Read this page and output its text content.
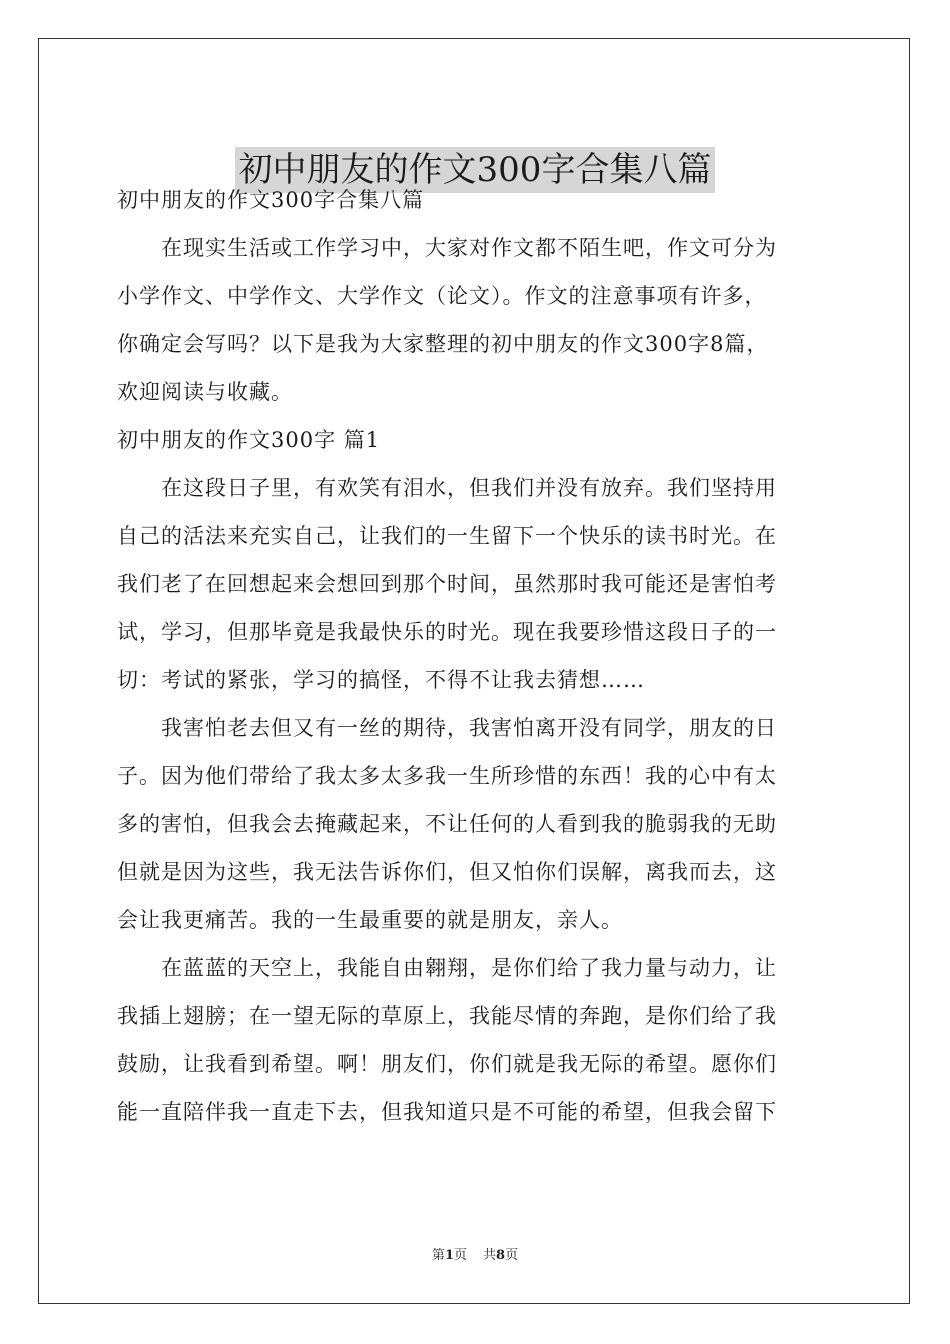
初中朋友的作文300字合集八篇
初中朋友的作文300字合集八篇
　　在现实生活或工作学习中，大家对作文都不陌生吧，作文可分为
小学作文、中学作文、大学作文（论文）。作文的注意事项有许多，
你确定会写吗？以下是我为大家整理的初中朋友的作文300字8篇，
欢迎阅读与收藏。
初中朋友的作文300字 篇1
　　在这段日子里，有欢笑有泪水，但我们并没有放弃。我们坚持用
自己的活法来充实自己，让我们的一生留下一个快乐的读书时光。在
我们老了在回想起来会想回到那个时间，虽然那时我可能还是害怕考
试，学习，但那毕竟是我最快乐的时光。现在我要珍惜这段日子的一
切：考试的紧张，学习的搞怪，不得不让我去猜想……
　　我害怕老去但又有一丝的期待，我害怕离开没有同学，朋友的日
子。因为他们带给了我太多太多我一生所珍惜的东西！我的心中有太
多的害怕，但我会去掩藏起来，不让任何的人看到我的脆弱我的无助
但就是因为这些，我无法告诉你们，但又怕你们误解，离我而去，这
会让我更痛苦。我的一生最重要的就是朋友，亲人。
　　在蓝蓝的天空上，我能自由翱翔，是你们给了我力量与动力，让
我插上翅膀；在一望无际的草原上，我能尽情的奔跑，是你们给了我
鼓励，让我看到希望。啊！朋友们，你们就是我无际的希望。愿你们
能一直陪伴我一直走下去，但我知道只是不可能的希望，但我会留下
第1页 共8页
